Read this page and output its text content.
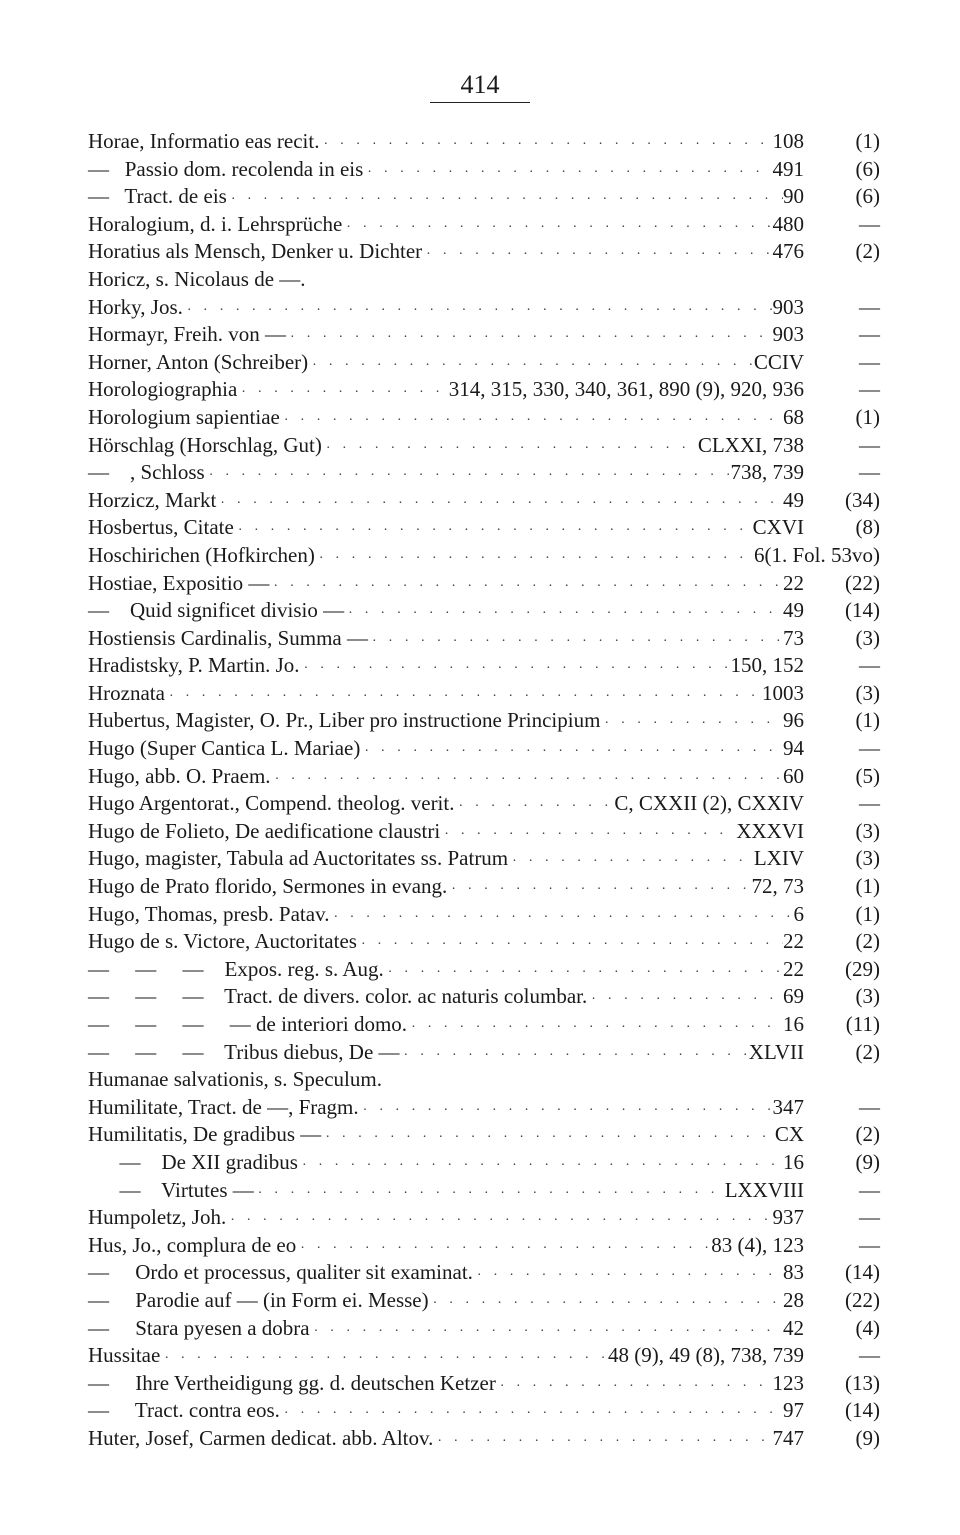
414
Horae, Informatio eas recit. · · ·	108	(1)
—   Passio dom. recolenda in eis · · ·	491	(6)
—   Tract. de eis · · ·	90	(6)
Horalogium, d. i. Lehrsprüche · · ·	480	—
Horatius als Mensch, Denker u. Dichter · · ·	476	(2)
Horicz, s. Nicolaus de —.
Horky, Jos. · · ·	903	—
Hormayr, Freih. von — · · ·	903	—
Horner, Anton (Schreiber) · · ·	CCIV	—
Horologiographia · · ·	314, 315, 330, 340, 361, 890 (9), 920, 936	—
Horologium sapientiae · · ·	68	(1)
Hörschlag (Horschlag, Gut) · · ·	CLXXI, 738	—
—    , Schloss · · ·	738, 739	—
Horzicz, Markt · · ·	49	(34)
Hosbertus, Citate · · ·	CXVI	(8)
Hoschirichen (Hofkirchen) · · ·	6 (1. Fol. 53vo)
Hostiae, Expositio — · · ·	22	(22)
—    Quid significet divisio — · · ·	49	(14)
Hostiensis Cardinalis, Summa — · · ·	73	(3)
Hradistsky, P. Martin. Jo. · · ·	150, 152	—
Hroznata · · ·	1003	(3)
Hubertus, Magister, O. Pr., Liber pro instructione Principium · · ·	96	(1)
Hugo (Super Cantica L. Mariae) · · ·	94	—
Hugo, abb. O. Praem. · · ·	60	(5)
Hugo Argentorat., Compend. theolog. verit. · · ·	C, CXXII (2), CXXIV	—
Hugo de Folieto, De aedificatione claustri · · ·	XXXVI	(3)
Hugo, magister, Tabula ad Auctoritates ss. Patrum · · ·	LXIV	(3)
Hugo de Prato florido, Sermones in evang. · · ·	72, 73	(1)
Hugo, Thomas, presb. Patav. · · ·	6	(1)
Hugo de s. Victore, Auctoritates · · ·	22	(2)
—     —     —    Expos. reg. s. Aug. · · ·	22	(29)
—     —     —    Tract. de divers. color. ac naturis columbar. · · ·	69	(3)
—     —     —     — de interiori domo. · · ·	16	(11)
—     —     —    Tribus diebus, De — · · ·	XLVII	(2)
Humanae salvationis, s. Speculum.
Humilitate, Tract. de —, Fragm. · · ·	347	—
Humilitatis, De gradibus — · · ·	CX	(2)
—    De XII gradibus · · ·	16	(9)
—    Virtutes — · · ·	LXXVIII	—
Humpoletz, Joh. · · ·	937	—
Hus, Jo., complura de eo · · ·	83 (4), 123	—
—     Ordo et processus, qualiter sit examinat. · · ·	83	(14)
—     Parodie auf — (in Form ei. Messe) · · ·	28	(22)
—     Stara pyesen a dobra · · ·	42	(4)
Hussitae · · ·	48 (9), 49 (8), 738, 739	—
—     Ihre Vertheidigung gg. d. deutschen Ketzer · · ·	123	(13)
—     Tract. contra eos. · · ·	97	(14)
Huter, Josef, Carmen dedicat. abb. Altov. · · ·	747	(9)
